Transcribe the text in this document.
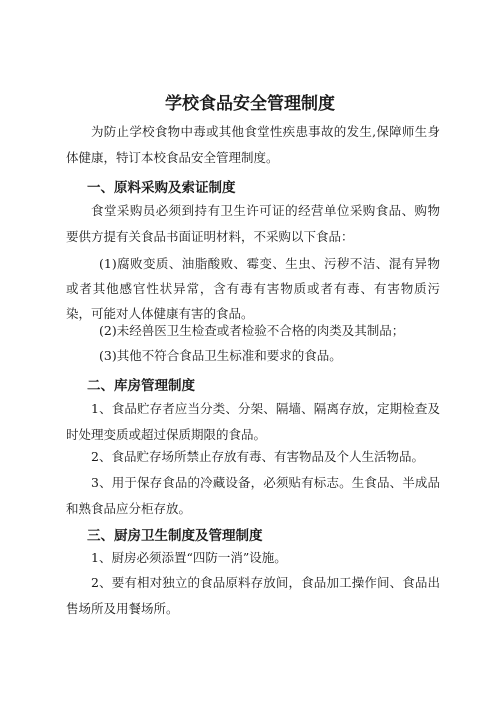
学校食品安全管理制度

为防止学校食物中毒或其他食堂性疾患事故的发生,保障师生身体健康，特订本校食品安全管理制度。

一、原料采购及索证制度

食堂采购员必须到持有卫生许可证的经营单位采购食品、购物要供方提有关食品书面证明材料，不采购以下食品：

(1)腐败变质、油脂酸败、霉变、生虫、污秽不洁、混有异物或者其他感官性状异常，含有毒有害物质或者有毒、有害物质污染，可能对人体健康有害的食品。

(2)未经兽医卫生检查或者检验不合格的肉类及其制品；

(3)其他不符合食品卫生标准和要求的食品。

二、库房管理制度

1、食品贮存者应当分类、分架、隔墙、隔离存放，定期检查及时处理变质或超过保质期限的食品。

2、食品贮存场所禁止存放有毒、有害物品及个人生活物品。

3、用于保存食品的冷藏设备，必须贴有标志。生食品、半成品和熟食品应分柜存放。

三、厨房卫生制度及管理制度

1、厨房必须添置“四防一消”设施。

2、要有相对独立的食品原料存放间，食品加工操作间、食品出售场所及用餐场所。
